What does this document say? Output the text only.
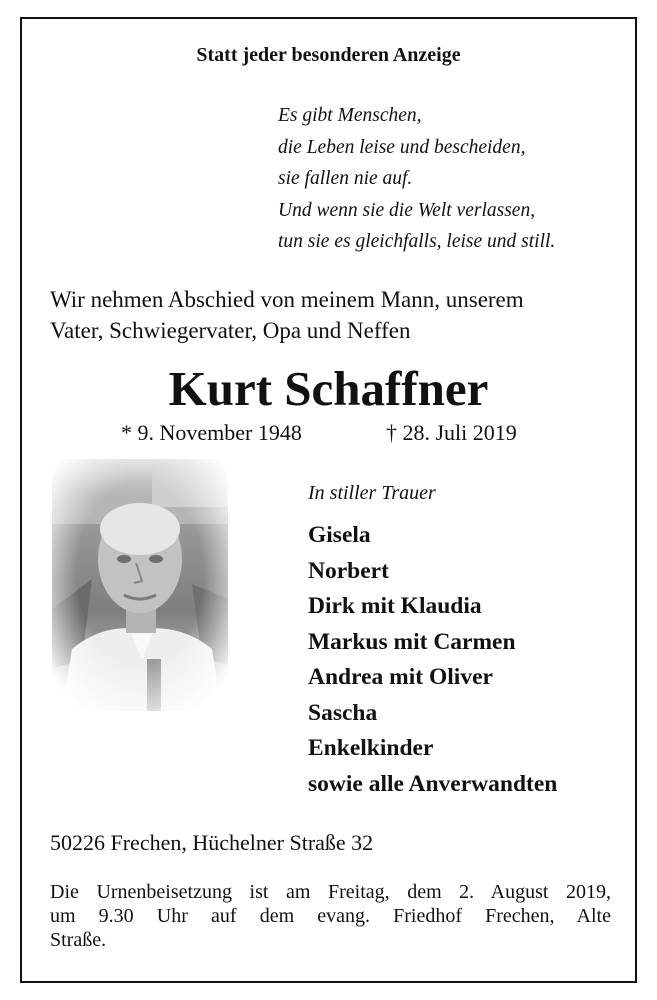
Statt jeder besonderen Anzeige
Es gibt Menschen,
die Leben leise und bescheiden,
sie fallen nie auf.
Und wenn sie die Welt verlassen,
tun sie es gleichfalls, leise und still.
Wir nehmen Abschied von meinem Mann, unserem
Vater, Schwiegervater, Opa und Neffen
Kurt Schaffner
* 9. November 1948	† 28. Juli 2019
In stiller Trauer
Gisela
Norbert
Dirk mit Klaudia
Markus mit Carmen
Andrea mit Oliver
Sascha
Enkelkinder
sowie alle Anverwandten
50226 Frechen, Hüchelner Straße 32
Die Urnenbeisetzung ist am Freitag, dem 2. August 2019,
um 9.30 Uhr auf dem evang. Friedhof Frechen, Alte
Straße.
